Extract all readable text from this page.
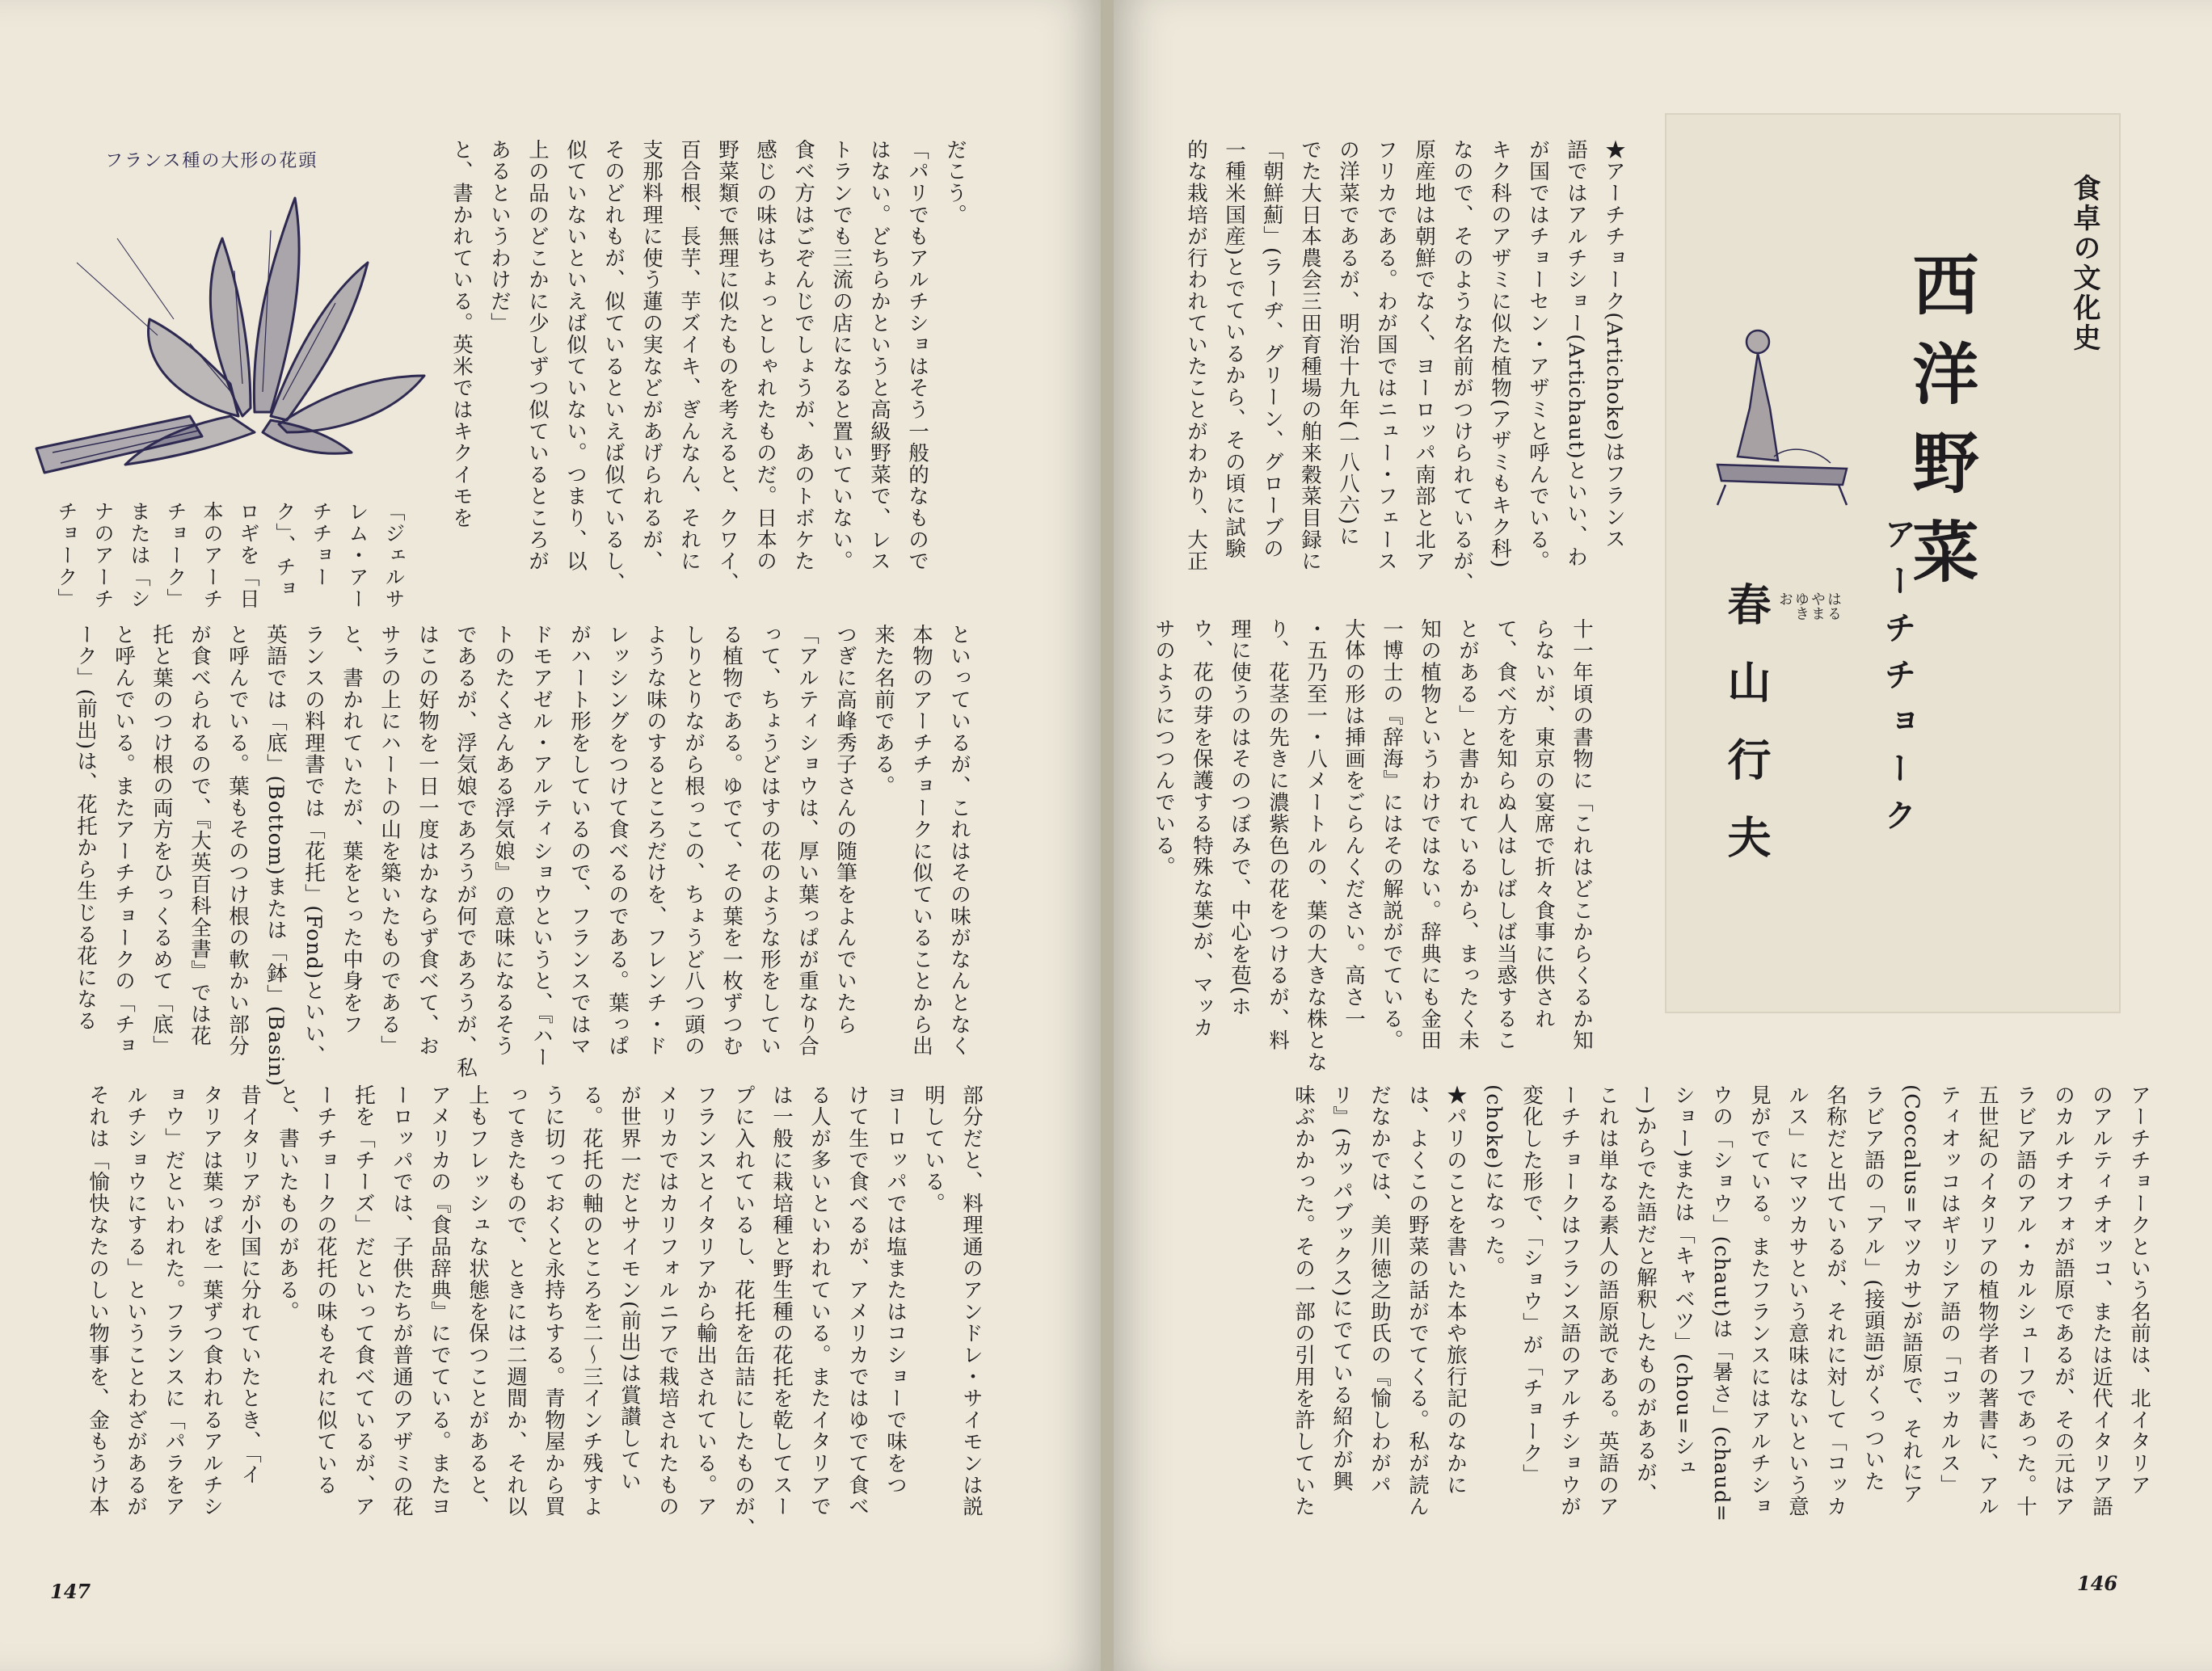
フランス種の大形の花頭	だこう。
「パリでもアルチショはそう一般的なもので
はない。どちらかというと高級野菜で、レス
トランでも三流の店になると置いていない。
食べ方はごぞんじでしょうが、あのトボケた
感じの味はちょっとしゃれたものだ。日本の
野菜類で無理に似たものを考えると、クワイ、
百合根、長芋、芋ズイキ、ぎんなん、それに
支那料理に使う蓮の実などがあげられるが、
そのどれもが、似ているといえば似ているし、
似ていないといえば似ていない。つまり、以
上の品のどこかに少しずつ似ているところが
あるというわけだ」
と、書かれている。英米ではキクイモを
「ジェルサ
レム・アー
チチョー
ク」、チョ
ロギを「日
本のアーチ
チョーク」
または「シ
ナのアーチ
チョーク」
といっているが、これはその味がなんとなく
本物のアーチチョークに似ていることから出
来た名前である。
つぎに高峰秀子さんの随筆をよんでいたら
「アルティショウは、厚い葉っぱが重なり合
って、ちょうどはすの花のような形をしてい
る植物である。ゆでて、その葉を一枚ずつむ
しりとりながら根っこの、ちょうど八つ頭の
ような味のするところだけを、フレンチ・ド
レッシングをつけて食べるのである。葉っぱ
がハート形をしているので、フランスではマ
ドモアゼル・アルティショウというと、『ハー
トのたくさんある浮気娘』の意味になるそう
であるが、浮気娘であろうが何であろうが、私
はこの好物を一日一度はかならず食べて、お
サラの上にハートの山を築いたものである」
と、書かれていたが、葉をとった中身をフ
ランスの料理書では「花托」(Fond)といい、
英語では「底」(Bottom)または「鉢」(Basin)
と呼んでいる。葉もそのつけ根の軟かい部分
が食べられるので、『大英百科全書』では花
托と葉のつけ根の両方をひっくるめて「底」
と呼んでいる。またアーチチョークの「チョ
ーク」(前出)は、花托から生じる花になる
部分だと、料理通のアンドレ・サイモンは説
明している。
ヨーロッパでは塩またはコショーで味をつ
けて生で食べるが、アメリカではゆでて食べ
る人が多いといわれている。またイタリアで
は一般に栽培種と野生種の花托を乾してスー
プに入れているし、花托を缶詰にしたものが、
フランスとイタリアから輸出されている。ア
メリカではカリフォルニアで栽培されたもの
が世界一だとサイモン(前出)は賞讃してい
る。花托の軸のところを二〜三インチ残すよ
うに切っておくと永持ちする。青物屋から買
ってきたもので、ときには二週間か、それ以
上もフレッシュな状態を保つことがあると、
アメリカの『食品辞典』にでている。またヨ
ーロッパでは、子供たちが普通のアザミの花
托を「チーズ」だといって食べているが、ア
ーチチョークの花托の味もそれに似ている
と、書いたものがある。
昔イタリアが小国に分れていたとき、「イ
タリアは葉っぱを一葉ずつ食われるアルチシ
ョウ」だといわれた。フランスに「パラをア
ルチショウにする」ということわざがあるが
それは「愉快なたのしい物事を、金もうけ本
147
食卓の文化史
西洋野菜
アーチチョーク
春山行夫	はる
やま
ゆき
お
★アーチチョーク(Artichoke)はフランス
語ではアルチショー(Artichaut)といい、わ
が国ではチョーセン・アザミと呼んでいる。
キク科のアザミに似た植物(アザミもキク科)
なので、そのような名前がつけられているが、
原産地は朝鮮でなく、ヨーロッパ南部と北ア
フリカである。わが国ではニュー・フェース
の洋菜であるが、明治十九年(一八八六)に
でた大日本農会三田育種場の舶来穀菜目録に
「朝鮮薊」(ラーヂ、グリーン、グローブの
一種米国産)とでているから、その頃に試験
的な栽培が行われていたことがわかり、大正
十一年頃の書物に「これはどこからくるか知
らないが、東京の宴席で折々食事に供され
て、食べ方を知らぬ人はしばしば当惑するこ
とがある」と書かれているから、まったく未
知の植物というわけではない。辞典にも金田
一博士の『辞海』にはその解説がでている。
大体の形は挿画をごらんください。高さ一
・五乃至一・八メートルの、葉の大きな株とな
り、花茎の先きに濃紫色の花をつけるが、料
理に使うのはそのつぼみで、中心を苞(ホ
ウ、花の芽を保護する特殊な葉)が、マッカ
サのようにつつんでいる。
アーチチョークという名前は、北イタリア
のアルティチオッコ、または近代イタリア語
のカルチオフォが語原であるが、その元はア
ラビア語のアル・カルシューフであった。十
五世紀のイタリアの植物学者の著書に、アル
ティオッコはギリシア語の「コッカルス」
(Coccalus=マツカサ)が語原で、それにア
ラビア語の「アル」(接頭語)がくっついた
名称だと出ているが、それに対して「コッカ
ルス」にマツカサという意味はないという意
見がでている。またフランスにはアルチショ
ウの「ショウ」(chaut)は「暑さ」(chaud=
ショー)または「キャベツ」(chou=シュ
ー)からでた語だと解釈したものがあるが、
これは単なる素人の語原説である。英語のア
ーチチョークはフランス語のアルチショウが
変化した形で、「ショウ」が「チョーク」
(choke)になった。
★パリのことを書いた本や旅行記のなかに
は、よくこの野菜の話がでてくる。私が読ん
だなかでは、美川徳之助氏の『愉しわがパ
リ』(カッパブックス)にでている紹介が興
味ぶかかった。その一部の引用を許していた
146
